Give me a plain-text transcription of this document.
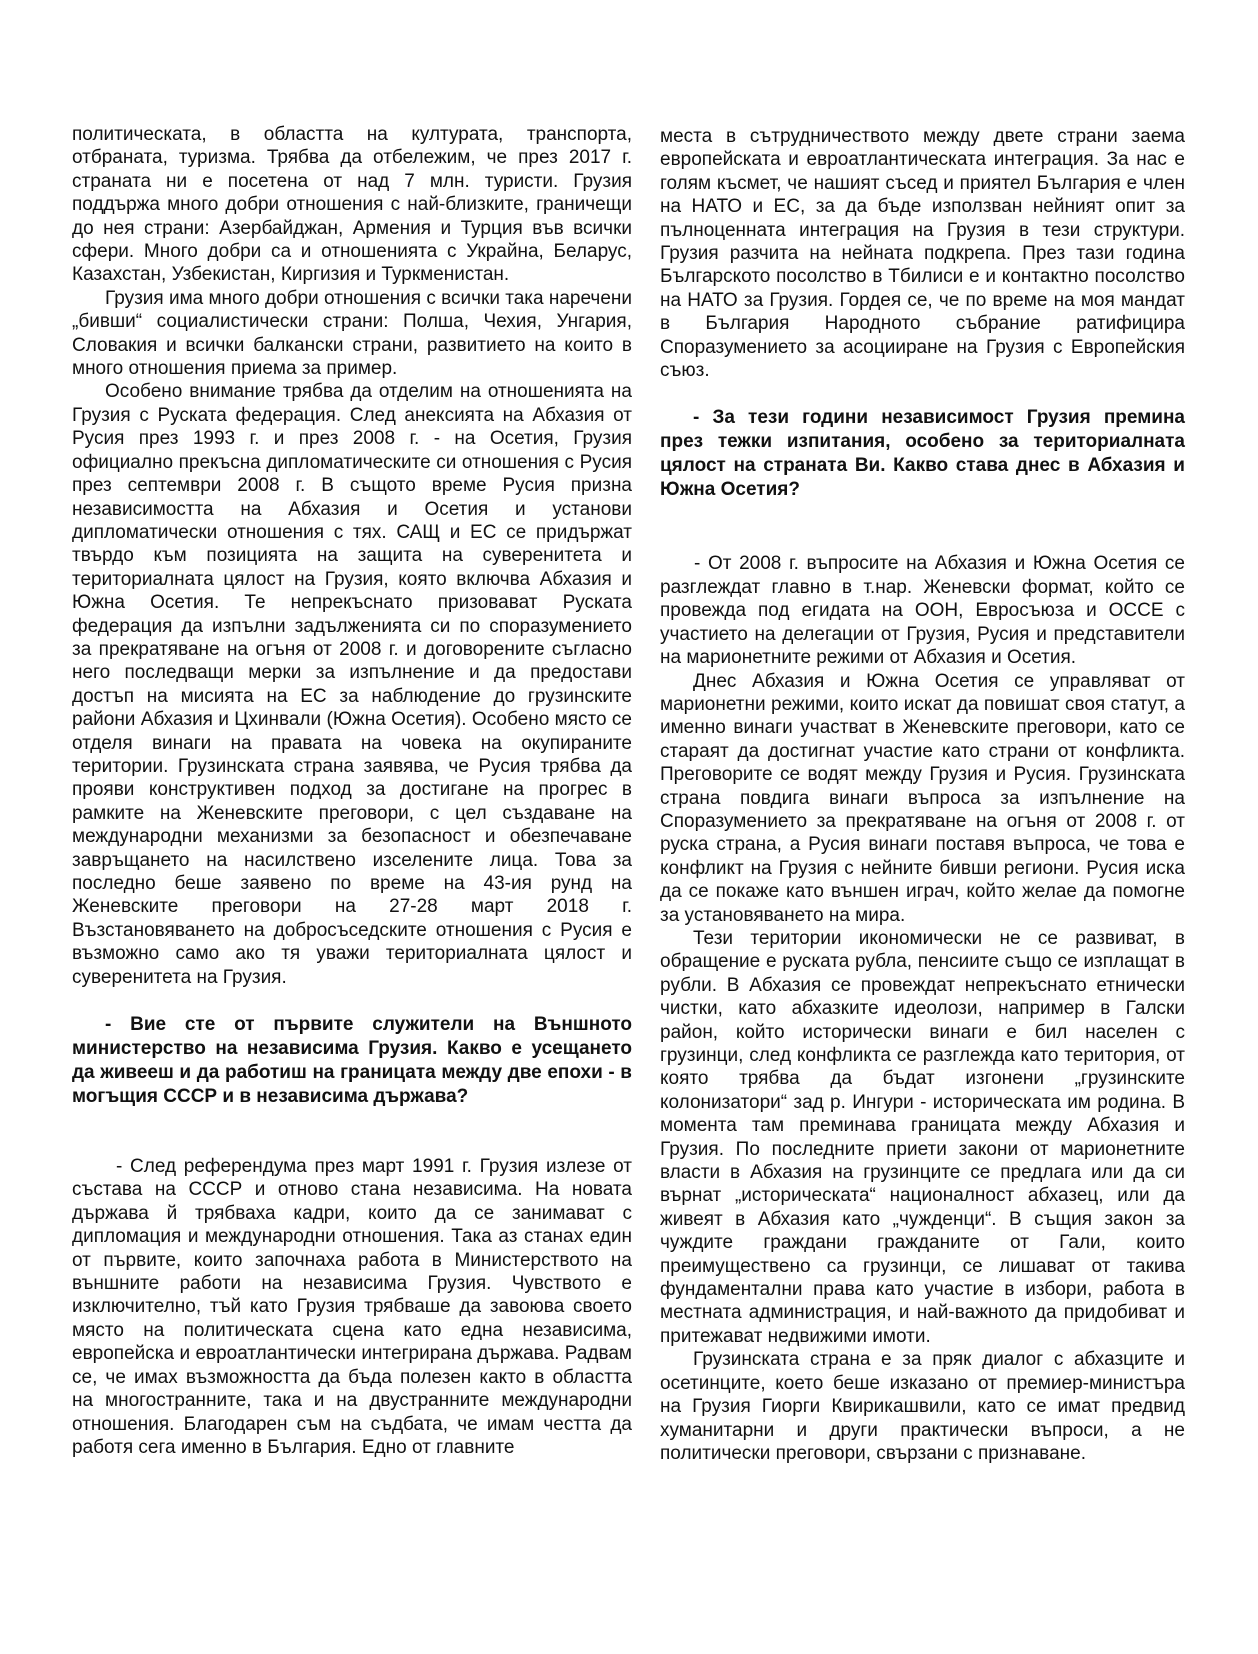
политическата, в областта на културата, транспорта, отбраната, туризма. Трябва да отбележим, че през 2017 г. страната ни е посетена от над 7 млн. туристи. Грузия поддържа много добри отношения с най-близките, граничещи до нея страни: Азербайджан, Армения и Турция във всички сфери. Много добри са и отношенията с Украйна, Беларус, Казахстан, Узбекистан, Киргизия и Туркменистан.

Грузия има много добри отношения с всички така наречени „бивши“ социалистически страни: Полша, Чехия, Унгария, Словакия и всички балкански страни, развитието на които в много отношения приема за пример.

Особено внимание трябва да отделим на отношенията на Грузия с Руската федерация. След анексията на Абхазия от Русия през 1993 г. и през 2008 г. - на Осетия, Грузия официално прекъсна дипломатическите си отношения с Русия през септември 2008 г. В същото време Русия призна независимостта на Абхазия и Осетия и установи дипломатически отношения с тях. САЩ и ЕС се придържат твърдо към позицията на защита на суверенитета и териториалната цялост на Грузия, която включва Абхазия и Южна Осетия. Те непрекъснато призовават Руската федерация да изпълни задълженията си по споразумението за прекратяване на огъня от 2008 г. и договорените съгласно него последващи мерки за изпълнение и да предостави достъп на мисията на ЕС за наблюдение до грузинските райони Абхазия и Цхинвали (Южна Осетия). Особено място се отделя винаги на правата на човека на окупираните територии. Грузинската страна заявява, че Русия трябва да прояви конструктивен подход за достигане на прогрес в рамките на Женевските преговори, с цел създаване на международни механизми за безопасност и обезпечаване завръщането на насилствено изселените лица. Това за последно беше заявено по време на 43-ия рунд на Женевските преговори на 27-28 март 2018 г. Възстановяването на добросъседските отношения с Русия е възможно само ако тя уважи териториалната цялост и суверенитета на Грузия.

- Вие сте от първите служители на Външното министерство на независима Грузия. Какво е усещането да живееш и да работиш на границата между две епохи - в могъщия СССР и в независима държава?

- След референдума през март 1991 г. Грузия излезе от състава на СССР и отново стана независима. На новата държава й трябваха кадри, които да се занимават с дипломация и международни отношения. Така аз станах един от първите, които започнаха работа в Министерството на външните работи на независима Грузия. Чувството е изключително, тъй като Грузия трябваше да завоюва своето място на политическата сцена като една независима, европейска и евроатлантически интегрирана държава. Радвам се, че имах възможността да бъда полезен както в областта на многостранните, така и на двустранните международни отношения. Благодарен съм на съдбата, че имам честта да работя сега именно в България. Едно от главните

места в сътрудничеството между двете страни заема европейската и евроатлантическата интеграция. За нас е голям късмет, че нашият съсед и приятел България е член на НАТО и ЕС, за да бъде използван нейният опит за пълноценната интеграция на Грузия в тези структури. Грузия разчита на нейната подкрепа. През тази година Българското посолство в Тбилиси е и контактно посолство на НАТО за Грузия. Гордея се, че по време на моя мандат в България Народното събрание ратифицира Споразумението за асоцииране на Грузия с Европейския съюз.

- За тези години независимост Грузия премина през тежки изпитания, особено за териториалната цялост на страната Ви. Какво става днес в Абхазия и Южна Осетия?

- От 2008 г. въпросите на Абхазия и Южна Осетия се разглеждат главно в т.нар. Женевски формат, който се провежда под егидата на ООН, Евросъюза и ОССЕ с участието на делегации от Грузия, Русия и представители на марионетните режими от Абхазия и Осетия.

Днес Абхазия и Южна Осетия се управляват от марионетни режими, които искат да повишат своя статут, а именно винаги участват в Женевските преговори, като се стараят да достигнат участие като страни от конфликта. Преговорите се водят между Грузия и Русия. Грузинската страна повдига винаги въпроса за изпълнение на Споразумението за прекратяване на огъня от 2008 г. от руска страна, а Русия винаги поставя въпроса, че това е конфликт на Грузия с нейните бивши региони. Русия иска да се покаже като външен играч, който желае да помогне за установяването на мира.

Тези територии икономически не се развиват, в обращение е руската рубла, пенсиите също се изплащат в рубли. В Абхазия се провеждат непрекъснато етнически чистки, като абхазките идеолози, например в Галски район, който исторически винаги е бил населен с грузинци, след конфликта се разглежда като територия, от която трябва да бъдат изгонени „грузинските колонизатори“ зад р. Ингури - историческата им родина. В момента там преминава границата между Абхазия и Грузия. По последните приети закони от марионетните власти в Абхазия на грузинците се предлага или да си върнат „историческата“ националност абхазец, или да живеят в Абхазия като „чужденци“. В същия закон за чуждите граждани гражданите от Гали, които преимуществено са грузинци, се лишават от такива фундаментални права като участие в избори, работа в местната администрация, и най-важното да придобиват и притежават недвижими имоти.

Грузинската страна е за пряк диалог с абхазците и осетинците, което беше изказано от премиер-министъра на Грузия Гиорги Квирикашвили, като се имат предвид хуманитарни и други практически въпроси, а не политически преговори, свързани с признаване.
